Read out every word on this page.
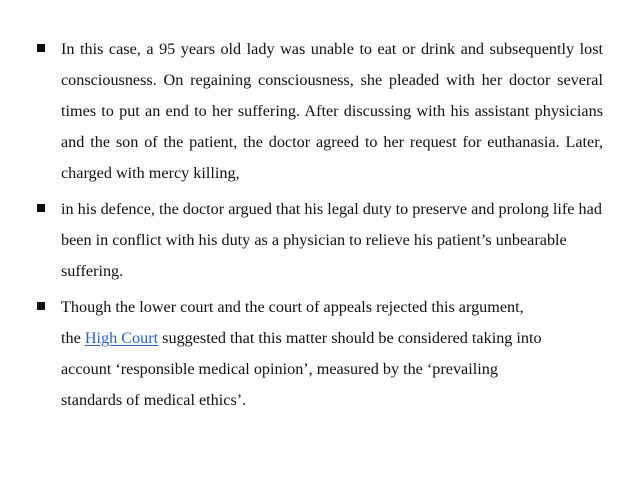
In this case, a 95 years old lady was unable to eat or drink and subsequently lost consciousness. On regaining consciousness, she pleaded with her doctor several times to put an end to her suffering. After discussing with his assistant physicians and the son of the patient, the doctor agreed to her request for euthanasia. Later, charged with mercy killing,
in his defence, the doctor argued that his legal duty to preserve and prolong life had been in conflict with his duty as a physician to relieve his patient’s unbearable suffering.
Though the lower court and the court of appeals rejected this argument,
the High Court suggested that this matter should be considered taking into
account ‘responsible medical opinion’, measured by the ‘prevailing
standards of medical ethics’.
